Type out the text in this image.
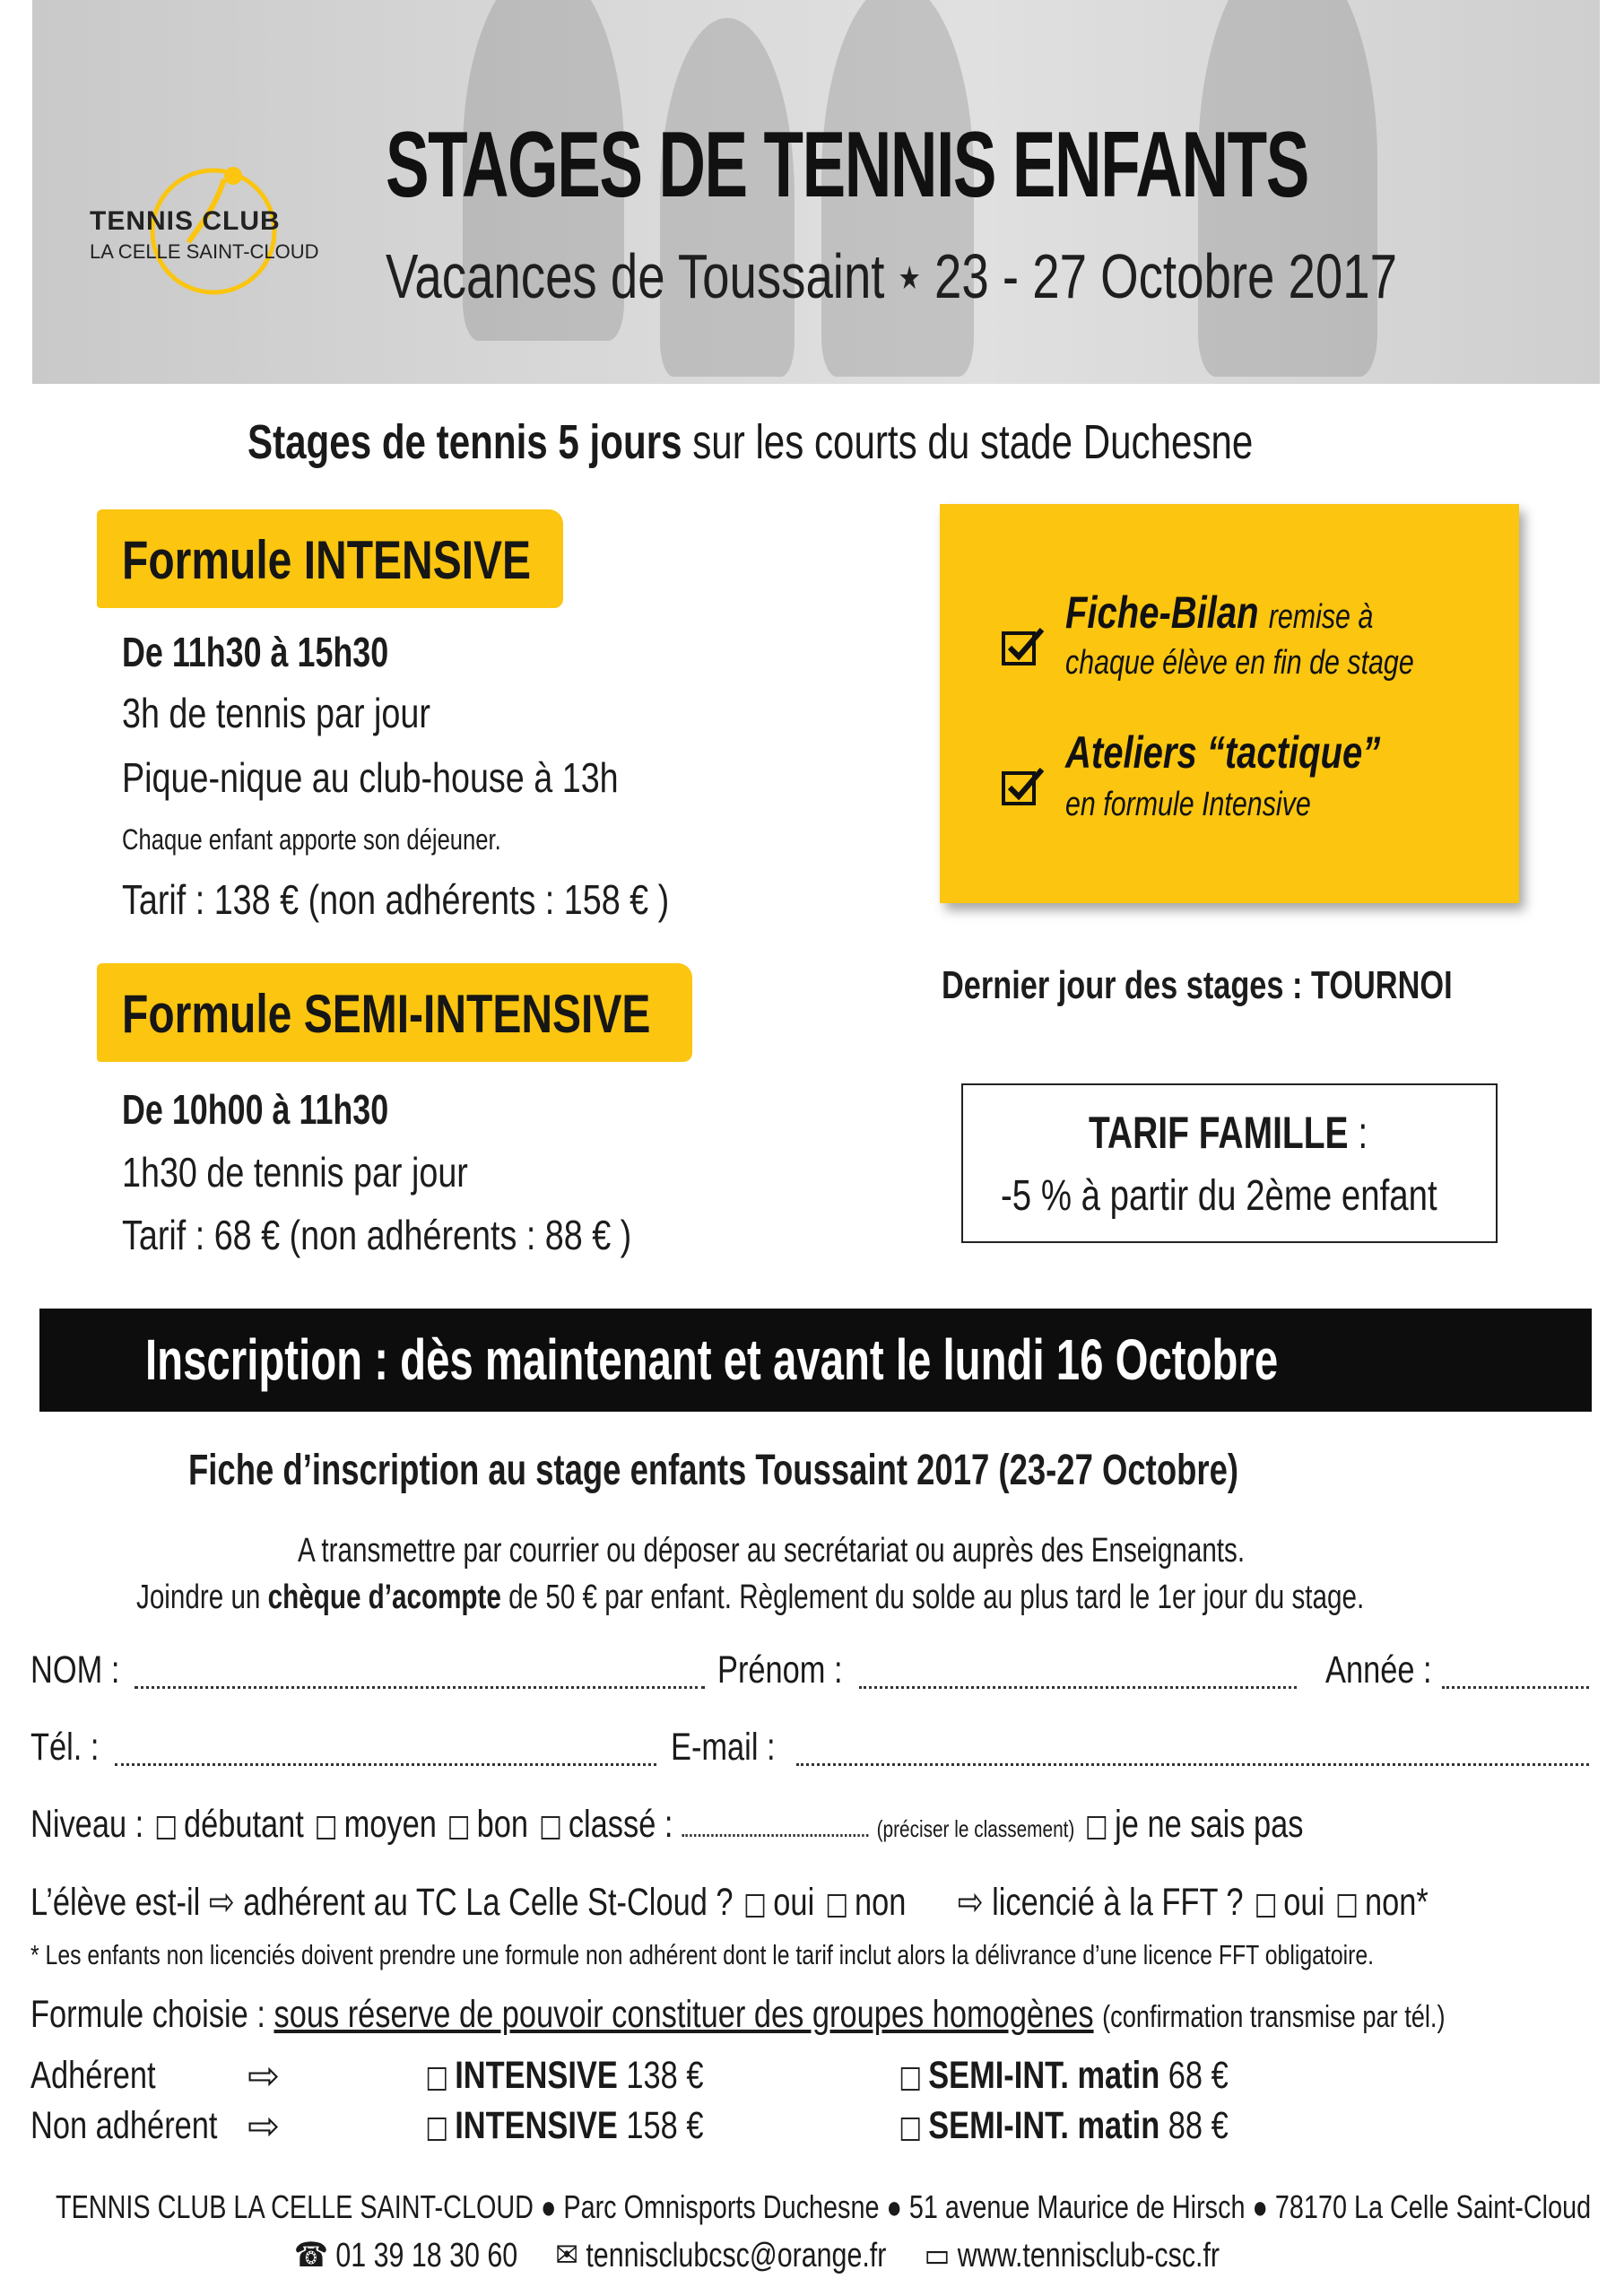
TENNIS CLUB
LA CELLE SAINT-CLOUD
STAGES DE TENNIS ENFANTS
Vacances de Toussaint ★ 23 - 27 Octobre 2017
Stages de tennis 5 jours sur les courts du stade Duchesne
Formule INTENSIVE
De 11h30 à 15h30
3h de tennis par jour
Pique-nique au club-house à 13h
Chaque enfant apporte son déjeuner.
Tarif : 138 € (non adhérents : 158 € )
Formule SEMI-INTENSIVE
De 10h00 à 11h30
1h30 de tennis par jour
Tarif : 68 € (non adhérents : 88 € )
Fiche-Bilan remise à
chaque élève en fin de stage
Ateliers “tactique”
en formule Intensive
Dernier jour des stages : TOURNOI
TARIF FAMILLE :
-5 % à partir du 2ème enfant
Inscription : dès maintenant et avant le lundi 16 Octobre
Fiche d’inscription au stage enfants Toussaint 2017 (23-27 Octobre)
A transmettre par courrier ou déposer au secrétariat ou auprès des Enseignants.
Joindre un chèque d’acompte de 50 € par enfant. Règlement du solde au plus tard le 1er jour du stage.
NOM :	Prénom :	Année :
Tél. :	E-mail :
Niveau : débutant moyen bon classé :	(préciser le classement) je ne sais pas
L’élève est-il ⇨ adhérent au TC La Celle St-Cloud ? oui non ⇨ licencié à la FFT ? oui non*
* Les enfants non licenciés doivent prendre une formule non adhérent dont le tarif inclut alors la délivrance d’une licence FFT obligatoire.
Formule choisie : sous réserve de pouvoir constituer des groupes homogènes (confirmation transmise par tél.)
Adhérent	⇨	INTENSIVE 138 €	SEMI-INT. matin 68 €
Non adhérent ⇨	INTENSIVE 158 €	SEMI-INT. matin 88 €
TENNIS CLUB LA CELLE SAINT-CLOUD ● Parc Omnisports Duchesne ● 51 avenue Maurice de Hirsch ● 78170 La Celle Saint-Cloud
☎ 01 39 18 30 60 ✉ tennisclubcsc@orange.fr ▭ www.tennisclub-csc.fr
